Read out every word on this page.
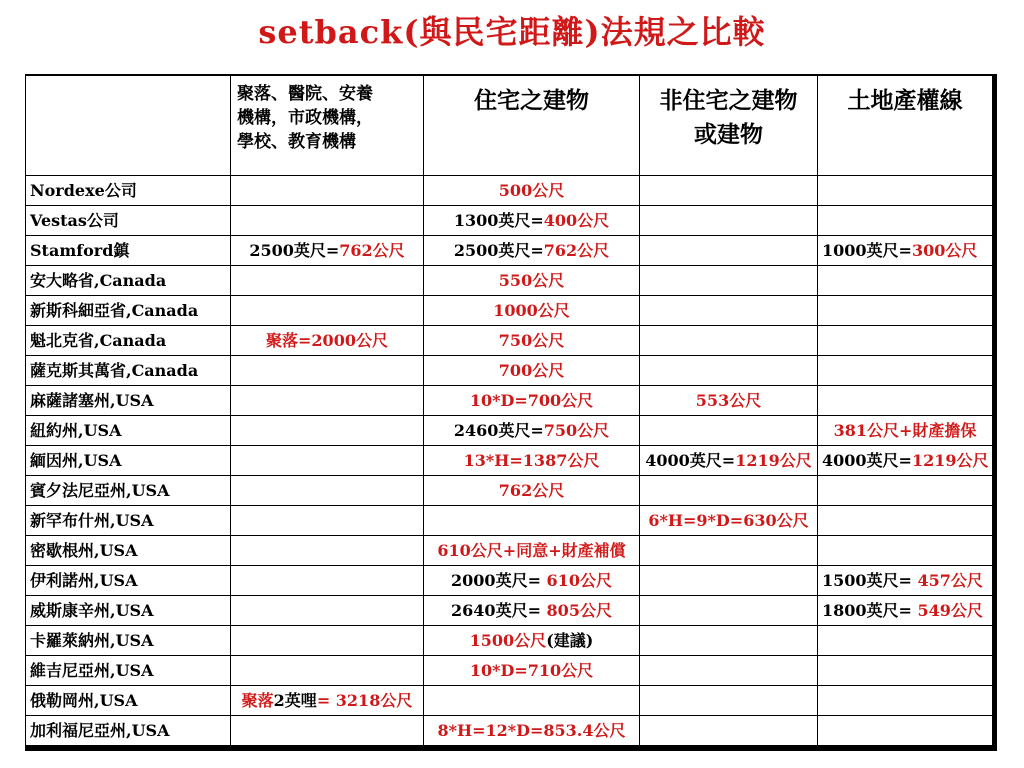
setback(與民宅距離)法規之比較
	聚落、醫院、安養
機構，市政機構，
學校、教育機構	住宅之建物	非住宅之建物
或建物	土地產權線
Nordexe公司		500公尺		
Vestas公司		1300英尺=400公尺		
Stamford鎮	2500英尺=762公尺	2500英尺=762公尺		1000英尺=300公尺
安大略省,Canada		550公尺		
新斯科細亞省,Canada		1000公尺		
魁北克省,Canada	聚落=2000公尺	750公尺		
薩克斯其萬省,Canada		700公尺		
麻薩諸塞州,USA		10*D=700公尺	553公尺	
紐約州,USA		2460英尺=750公尺		381公尺+財產擔保
緬因州,USA		13*H=1387公尺	4000英尺=1219公尺	4000英尺=1219公尺
賓夕法尼亞州,USA		762公尺		
新罕布什州,USA			6*H=9*D=630公尺	
密歇根州,USA		610公尺+同意+財產補償		
伊利諾州,USA		2000英尺= 610公尺		1500英尺= 457公尺
威斯康辛州,USA		2640英尺= 805公尺		1800英尺= 549公尺
卡羅萊納州,USA		1500公尺(建議)		
維吉尼亞州,USA		10*D=710公尺		
俄勒岡州,USA	聚落2英哩= 3218公尺			
加利福尼亞州,USA		8*H=12*D=853.4公尺		
